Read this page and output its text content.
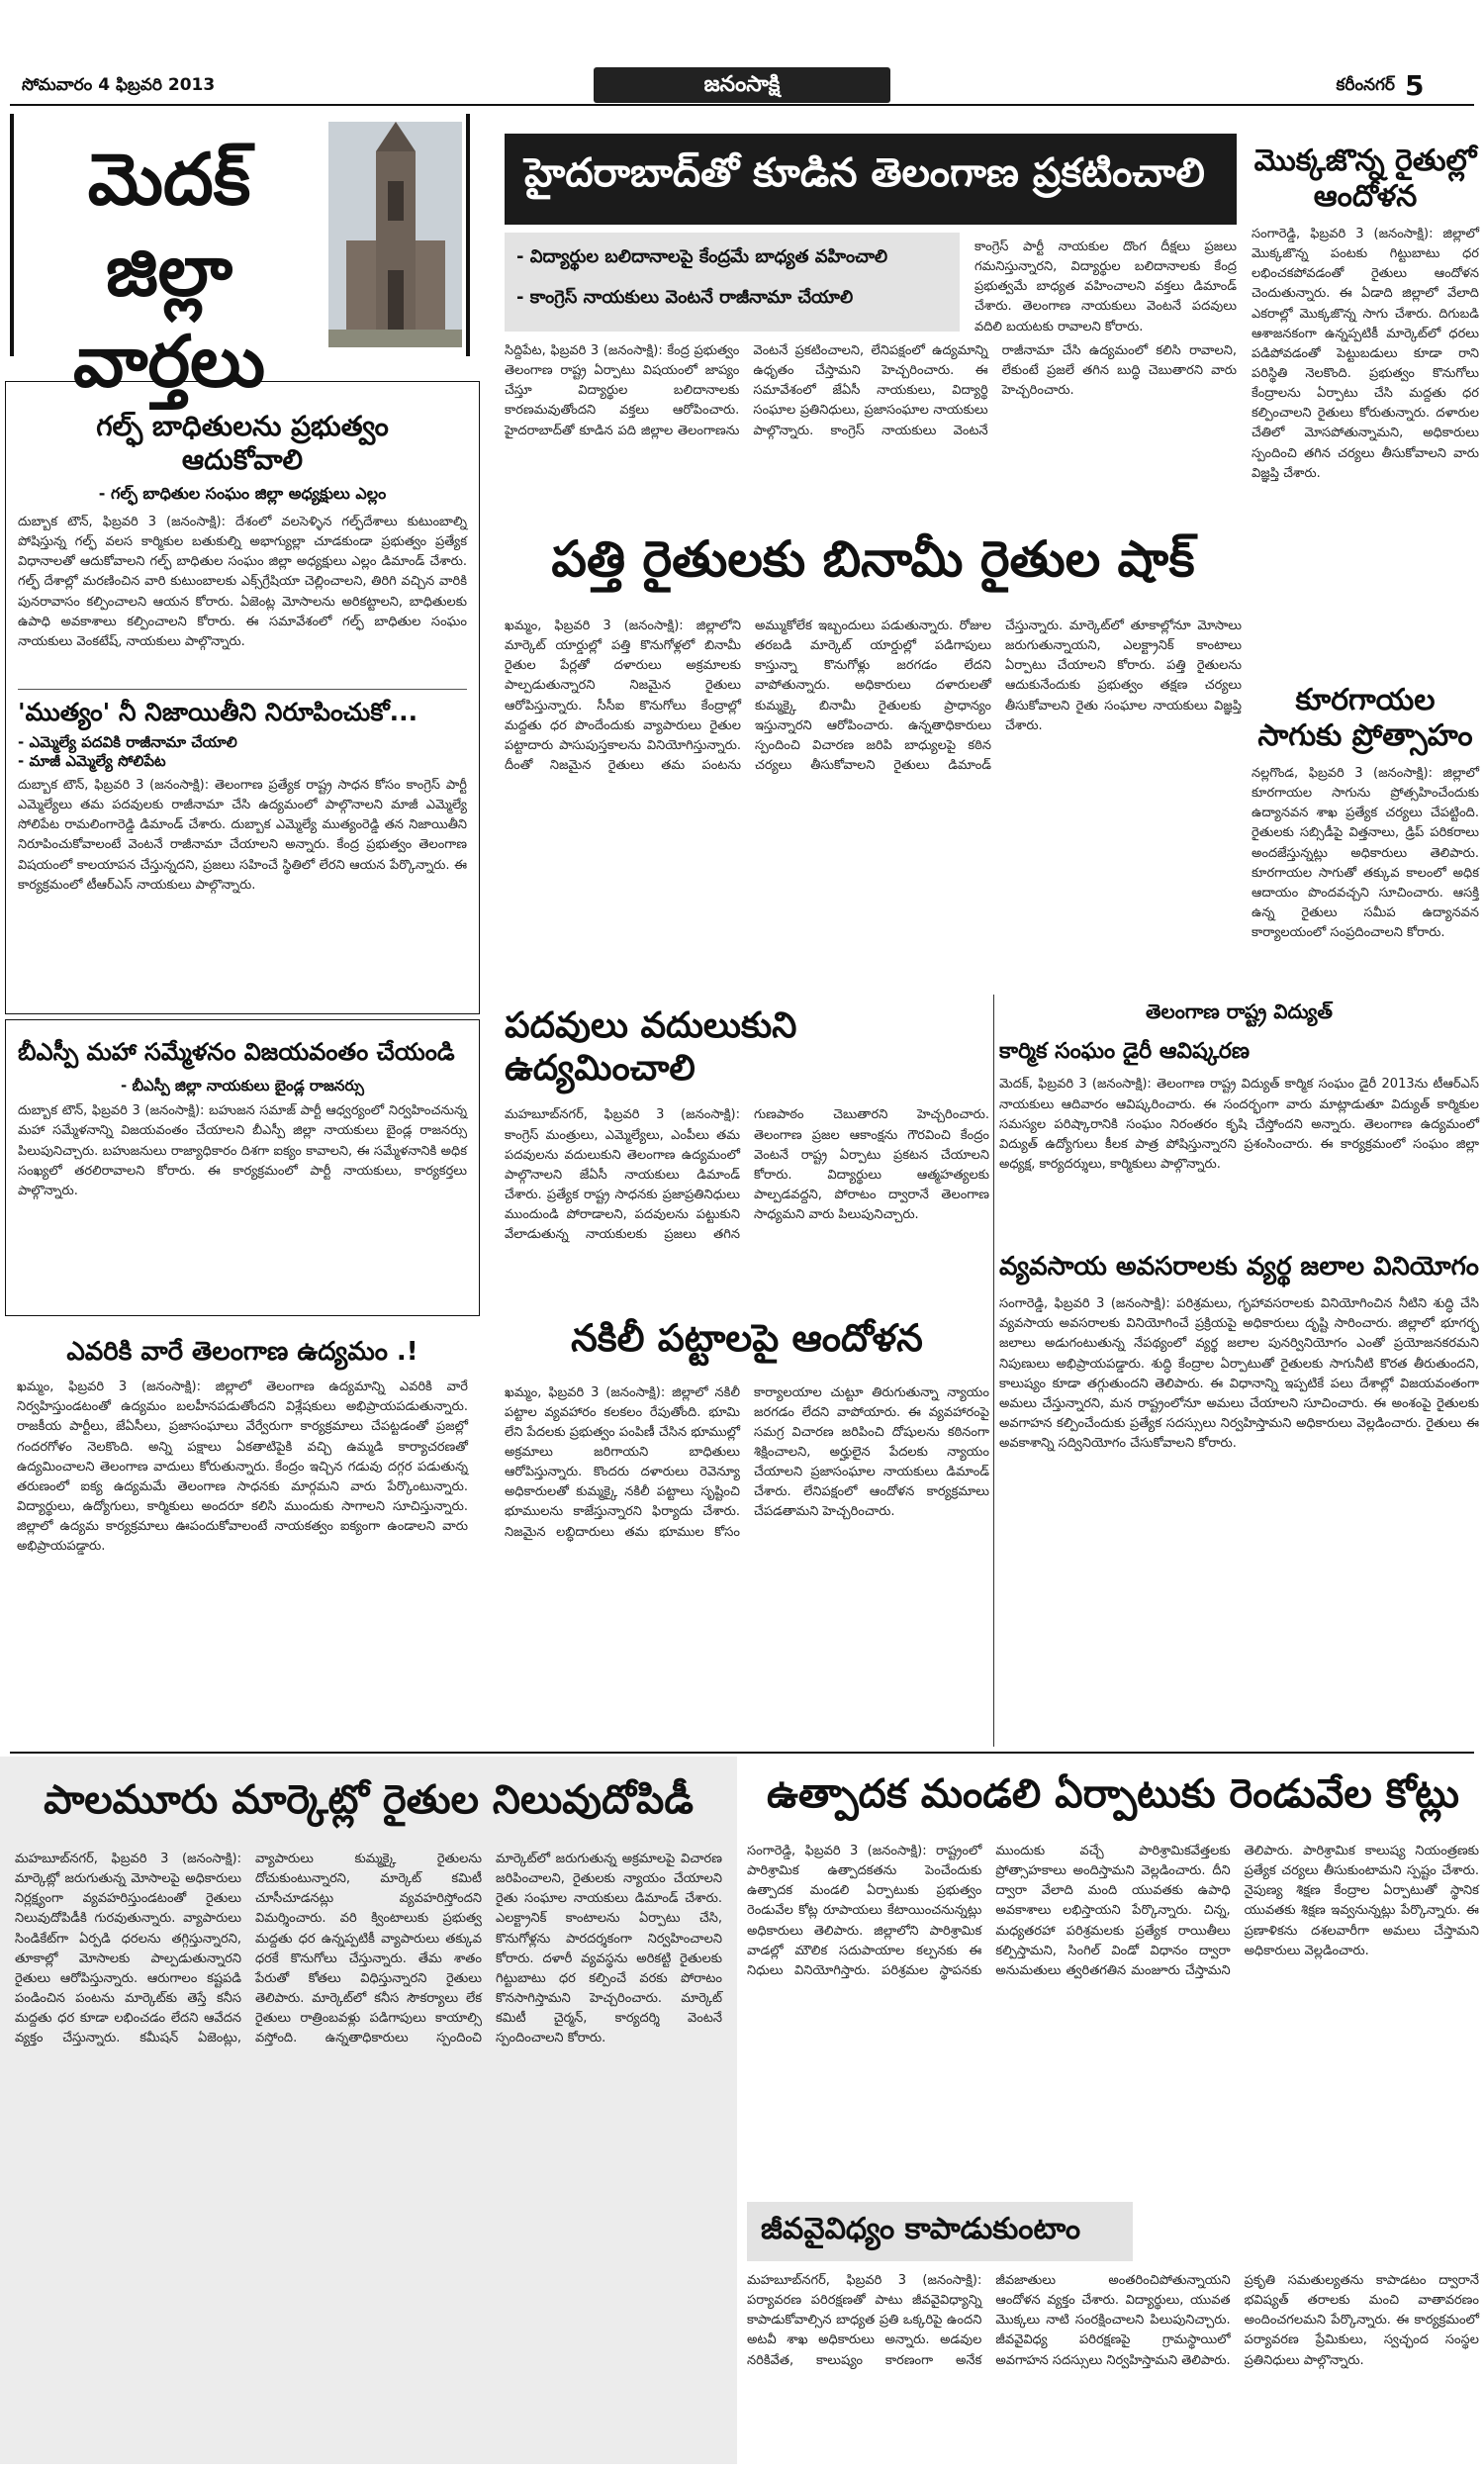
సోమవారం 4 ఫిబ్రవరి 2013	జనంసాక్షి	కరీంనగర్ 5
మెదక్
జిల్లా వార్తలు
గల్ఫ్ బాధితులను ప్రభుత్వం ఆదుకోవాలి
- గల్ఫ్ బాధితుల సంఘం జిల్లా అధ్యక్షులు ఎల్లం
దుబ్బాక టౌన్, ఫిబ్రవరి 3 (జనంసాక్షి): దేశంలో వలసెళ్ళిన గల్ఫ్‌దేశాలు కుటుంబాల్ని పోషిస్తున్న గల్ఫ్‌ వలస కార్మికుల బతుకుల్ని అభాగ్యుల్లా చూడకుండా ప్రభుత్వం ప్రత్యేక విధానాలతో ఆదుకోవాలని గల్ఫ్‌ బాధితుల సంఘం జిల్లా అధ్యక్షులు ఎల్లం డిమాండ్‌ చేశారు. గల్ఫ్‌ దేశాల్లో మరణించిన వారి కుటుంబాలకు ఎక్స్‌గ్రేషియా చెల్లించాలని, తిరిగి వచ్చిన వారికి పునరావాసం కల్పించాలని ఆయన కోరారు. ఏజెంట్ల మోసాలను అరికట్టాలని, బాధితులకు ఉపాధి అవకాశాలు కల్పించాలని కోరారు. ఈ సమావేశంలో గల్ఫ్‌ బాధితుల సంఘం నాయకులు వెంకటేష్‌, నాయకులు పాల్గొన్నారు.
'ముత్యం' నీ నిజాయితీని నిరూపించుకో...
- ఎమ్మెల్యే పదవికి రాజీనామా చేయాలి
- మాజీ ఎమ్మెల్యే సోలిపేట
దుబ్బాక టౌన్, ఫిబ్రవరి 3 (జనంసాక్షి): తెలంగాణ ప్రత్యేక రాష్ట్ర సాధన కోసం కాంగ్రెస్‌ పార్టీ ఎమ్మెల్యేలు తమ పదవులకు రాజీనామా చేసి ఉద్యమంలో పాల్గొనాలని మాజీ ఎమ్మెల్యే సోలిపేట రామలింగారెడ్డి డిమాండ్‌ చేశారు. దుబ్బాక ఎమ్మెల్యే ముత్యంరెడ్డి తన నిజాయితీని నిరూపించుకోవాలంటే వెంటనే రాజీనామా చేయాలని అన్నారు. కేంద్ర ప్రభుత్వం తెలంగాణ విషయంలో కాలయాపన చేస్తున్నదని, ప్రజలు సహించే స్థితిలో లేరని ఆయన పేర్కొన్నారు. ఈ కార్యక్రమంలో టీఆర్‌ఎస్‌ నాయకులు పాల్గొన్నారు.
బీఎస్పీ మహా సమ్మేళనం విజయవంతం చేయండి
- బీఎస్పీ జిల్లా నాయకులు బైండ్ల రాజనర్సు
దుబ్బాక టౌన్, ఫిబ్రవరి 3 (జనంసాక్షి): బహుజన సమాజ్‌ పార్టీ ఆధ్వర్యంలో నిర్వహించనున్న మహా సమ్మేళనాన్ని విజయవంతం చేయాలని బీఎస్పీ జిల్లా నాయకులు బైండ్ల రాజనర్సు పిలుపునిచ్చారు. బహుజనులు రాజ్యాధికారం దిశగా ఐక్యం కావాలని, ఈ సమ్మేళనానికి అధిక సంఖ్యలో తరలిరావాలని కోరారు. ఈ కార్యక్రమంలో పార్టీ నాయకులు, కార్యకర్తలు పాల్గొన్నారు.
ఎవరికి వారే తెలంగాణ ఉద్యమం .!
ఖమ్మం, ఫిబ్రవరి 3 (జనంసాక్షి): జిల్లాలో తెలంగాణ ఉద్యమాన్ని ఎవరికి వారే నిర్వహిస్తుండటంతో ఉద్యమం బలహీనపడుతోందని విశ్లేషకులు అభిప్రాయపడుతున్నారు. రాజకీయ పార్టీలు, జేఏసీలు, ప్రజాసంఘాలు వేర్వేరుగా కార్యక్రమాలు చేపట్టడంతో ప్రజల్లో గందరగోళం నెలకొంది. అన్ని పక్షాలు ఏకతాటిపైకి వచ్చి ఉమ్మడి కార్యాచరణతో ఉద్యమించాలని తెలంగాణ వాదులు కోరుతున్నారు. కేంద్రం ఇచ్చిన గడువు దగ్గర పడుతున్న తరుణంలో ఐక్య ఉద్యమమే తెలంగాణ సాధనకు మార్గమని వారు పేర్కొంటున్నారు. విద్యార్థులు, ఉద్యోగులు, కార్మికులు అందరూ కలిసి ముందుకు సాగాలని సూచిస్తున్నారు. జిల్లాలో ఉద్యమ కార్యక్రమాలు ఊపందుకోవాలంటే నాయకత్వం ఐక్యంగా ఉండాలని వారు అభిప్రాయపడ్డారు.
హైదరాబాద్‌తో కూడిన తెలంగాణ ప్రకటించాలి
- విద్యార్థుల బలిదానాలపై కేంద్రమే బాధ్యత వహించాలి
- కాంగ్రెస్‌ నాయకులు వెంటనే రాజీనామా చేయాలి
కాంగ్రెస్‌ పార్టీ నాయకుల దొంగ దీక్షలు ప్రజలు గమనిస్తున్నారని, విద్యార్థుల బలిదానాలకు కేంద్ర ప్రభుత్వమే బాధ్యత వహించాలని వక్తలు డిమాండ్‌ చేశారు. తెలంగాణ నాయకులు వెంటనే పదవులు వదిలి బయటకు రావాలని కోరారు.
సిద్దిపేట, ఫిబ్రవరి 3 (జనంసాక్షి): కేంద్ర ప్రభుత్వం తెలంగాణ రాష్ట్ర ఏర్పాటు విషయంలో జాప్యం చేస్తూ విద్యార్థుల బలిదానాలకు కారణమవుతోందని వక్తలు ఆరోపించారు. హైదరాబాద్‌తో కూడిన పది జిల్లాల తెలంగాణను వెంటనే ప్రకటించాలని, లేనిపక్షంలో ఉద్యమాన్ని ఉధృతం చేస్తామని హెచ్చరించారు. ఈ సమావేశంలో జేఏసీ నాయకులు, విద్యార్థి సంఘాల ప్రతినిధులు, ప్రజాసంఘాల నాయకులు పాల్గొన్నారు. కాంగ్రెస్‌ నాయకులు వెంటనే రాజీనామా చేసి ఉద్యమంలో కలిసి రావాలని, లేకుంటే ప్రజలే తగిన బుద్ధి చెబుతారని వారు హెచ్చరించారు.
మొక్కజొన్న రైతుల్లో ఆందోళన
సంగారెడ్డి, ఫిబ్రవరి 3 (జనంసాక్షి): జిల్లాలో మొక్కజొన్న పంటకు గిట్టుబాటు ధర లభించకపోవడంతో రైతులు ఆందోళన చెందుతున్నారు. ఈ ఏడాది జిల్లాలో వేలాది ఎకరాల్లో మొక్కజొన్న సాగు చేశారు. దిగుబడి ఆశాజనకంగా ఉన్నప్పటికీ మార్కెట్‌లో ధరలు పడిపోవడంతో పెట్టుబడులు కూడా రాని పరిస్థితి నెలకొంది. ప్రభుత్వం కొనుగోలు కేంద్రాలను ఏర్పాటు చేసి మద్దతు ధర కల్పించాలని రైతులు కోరుతున్నారు. దళారుల చేతిలో మోసపోతున్నామని, అధికారులు స్పందించి తగిన చర్యలు తీసుకోవాలని వారు విజ్ఞప్తి చేశారు.
కూరగాయల సాగుకు ప్రోత్సాహం
నల్లగొండ, ఫిబ్రవరి 3 (జనంసాక్షి): జిల్లాలో కూరగాయల సాగును ప్రోత్సహించేందుకు ఉద్యానవన శాఖ ప్రత్యేక చర్యలు చేపట్టింది. రైతులకు సబ్సిడీపై విత్తనాలు, డ్రిప్‌ పరికరాలు అందజేస్తున్నట్లు అధికారులు తెలిపారు. కూరగాయల సాగుతో తక్కువ కాలంలో అధిక ఆదాయం పొందవచ్చని సూచించారు. ఆసక్తి ఉన్న రైతులు సమీప ఉద్యానవన కార్యాలయంలో సంప్రదించాలని కోరారు.
పత్తి రైతులకు బినామీ రైతుల షాక్
ఖమ్మం, ఫిబ్రవరి 3 (జనంసాక్షి): జిల్లాలోని మార్కెట్‌ యార్డుల్లో పత్తి కొనుగోళ్లలో బినామీ రైతుల పేర్లతో దళారులు అక్రమాలకు పాల్పడుతున్నారని నిజమైన రైతులు ఆరోపిస్తున్నారు. సీసీఐ కొనుగోలు కేంద్రాల్లో మద్దతు ధర పొందేందుకు వ్యాపారులు రైతుల పట్టాదారు పాసుపుస్తకాలను వినియోగిస్తున్నారు. దీంతో నిజమైన రైతులు తమ పంటను అమ్ముకోలేక ఇబ్బందులు పడుతున్నారు. రోజుల తరబడి మార్కెట్‌ యార్డుల్లో పడిగాపులు కాస్తున్నా కొనుగోళ్లు జరగడం లేదని వాపోతున్నారు. అధికారులు దళారులతో కుమ్మక్కై బినామీ రైతులకు ప్రాధాన్యం ఇస్తున్నారని ఆరోపించారు. ఉన్నతాధికారులు స్పందించి విచారణ జరిపి బాధ్యులపై కఠిన చర్యలు తీసుకోవాలని రైతులు డిమాండ్‌ చేస్తున్నారు. మార్కెట్‌లో తూకాల్లోనూ మోసాలు జరుగుతున్నాయని, ఎలక్ట్రానిక్‌ కాంటాలు ఏర్పాటు చేయాలని కోరారు. పత్తి రైతులను ఆదుకునేందుకు ప్రభుత్వం తక్షణ చర్యలు తీసుకోవాలని రైతు సంఘాల నాయకులు విజ్ఞప్తి చేశారు.
పదవులు వదులుకుని ఉద్యమించాలి
మహబూబ్‌నగర్, ఫిబ్రవరి 3 (జనంసాక్షి): కాంగ్రెస్‌ మంత్రులు, ఎమ్మెల్యేలు, ఎంపీలు తమ పదవులను వదులుకుని తెలంగాణ ఉద్యమంలో పాల్గొనాలని జేఏసీ నాయకులు డిమాండ్‌ చేశారు. ప్రత్యేక రాష్ట్ర సాధనకు ప్రజాప్రతినిధులు ముందుండి పోరాడాలని, పదవులను పట్టుకుని వేలాడుతున్న నాయకులకు ప్రజలు తగిన గుణపాఠం చెబుతారని హెచ్చరించారు. తెలంగాణ ప్రజల ఆకాంక్షను గౌరవించి కేంద్రం వెంటనే రాష్ట్ర ఏర్పాటు ప్రకటన చేయాలని కోరారు. విద్యార్థులు ఆత్మహత్యలకు పాల్పడవద్దని, పోరాటం ద్వారానే తెలంగాణ సాధ్యమని వారు పిలుపునిచ్చారు.
తెలంగాణ రాష్ట్ర విద్యుత్
కార్మిక సంఘం డైరీ ఆవిష్కరణ
మెదక్‌, ఫిబ్రవరి 3 (జనంసాక్షి): తెలంగాణ రాష్ట్ర విద్యుత్‌ కార్మిక సంఘం డైరీ 2013ను టీఆర్‌ఎస్‌ నాయకులు ఆదివారం ఆవిష్కరించారు. ఈ సందర్భంగా వారు మాట్లాడుతూ విద్యుత్‌ కార్మికుల సమస్యల పరిష్కారానికి సంఘం నిరంతరం కృషి చేస్తోందని అన్నారు. తెలంగాణ ఉద్యమంలో విద్యుత్‌ ఉద్యోగులు కీలక పాత్ర పోషిస్తున్నారని ప్రశంసించారు. ఈ కార్యక్రమంలో సంఘం జిల్లా అధ్యక్ష, కార్యదర్శులు, కార్మికులు పాల్గొన్నారు.
వ్యవసాయ అవసరాలకు వ్యర్థ జలాల వినియోగం
సంగారెడ్డి, ఫిబ్రవరి 3 (జనంసాక్షి): పరిశ్రమలు, గృహావసరాలకు వినియోగించిన నీటిని శుద్ధి చేసి వ్యవసాయ అవసరాలకు వినియోగించే ప్రక్రియపై అధికారులు దృష్టి సారించారు. జిల్లాలో భూగర్భ జలాలు అడుగంటుతున్న నేపథ్యంలో వ్యర్థ జలాల పునర్వినియోగం ఎంతో ప్రయోజనకరమని నిపుణులు అభిప్రాయపడ్డారు. శుద్ధి కేంద్రాల ఏర్పాటుతో రైతులకు సాగునీటి కొరత తీరుతుందని, కాలుష్యం కూడా తగ్గుతుందని తెలిపారు. ఈ విధానాన్ని ఇప్పటికే పలు దేశాల్లో విజయవంతంగా అమలు చేస్తున్నారని, మన రాష్ట్రంలోనూ అమలు చేయాలని సూచించారు. ఈ అంశంపై రైతులకు అవగాహన కల్పించేందుకు ప్రత్యేక సదస్సులు నిర్వహిస్తామని అధికారులు వెల్లడించారు. రైతులు ఈ అవకాశాన్ని సద్వినియోగం చేసుకోవాలని కోరారు.
నకిలీ పట్టాలపై ఆందోళన
ఖమ్మం, ఫిబ్రవరి 3 (జనంసాక్షి): జిల్లాలో నకిలీ పట్టాల వ్యవహారం కలకలం రేపుతోంది. భూమి లేని పేదలకు ప్రభుత్వం పంపిణీ చేసిన భూముల్లో అక్రమాలు జరిగాయని బాధితులు ఆరోపిస్తున్నారు. కొందరు దళారులు రెవెన్యూ అధికారులతో కుమ్మక్కై నకిలీ పట్టాలు సృష్టించి భూములను కాజేస్తున్నారని ఫిర్యాదు చేశారు. నిజమైన లబ్ధిదారులు తమ భూముల కోసం కార్యాలయాల చుట్టూ తిరుగుతున్నా న్యాయం జరగడం లేదని వాపోయారు. ఈ వ్యవహారంపై సమగ్ర విచారణ జరిపించి దోషులను కఠినంగా శిక్షించాలని, అర్హులైన పేదలకు న్యాయం చేయాలని ప్రజాసంఘాల నాయకులు డిమాండ్‌ చేశారు. లేనిపక్షంలో ఆందోళన కార్యక్రమాలు చేపడతామని హెచ్చరించారు.
పాలమూరు మార్కెట్లో రైతుల నిలువుదోపిడీ
మహబూబ్‌నగర్, ఫిబ్రవరి 3 (జనంసాక్షి): మార్కెట్లో జరుగుతున్న మోసాలపై అధికారులు నిర్లక్ష్యంగా వ్యవహరిస్తుండటంతో రైతులు నిలువుదోపిడీకి గురవుతున్నారు. వ్యాపారులు సిండికేట్‌గా ఏర్పడి ధరలను తగ్గిస్తున్నారని, తూకాల్లో మోసాలకు పాల్పడుతున్నారని రైతులు ఆరోపిస్తున్నారు. ఆరుగాలం కష్టపడి పండించిన పంటను మార్కెట్‌కు తెస్తే కనీస మద్దతు ధర కూడా లభించడం లేదని ఆవేదన వ్యక్తం చేస్తున్నారు. కమీషన్‌ ఏజెంట్లు, వ్యాపారులు కుమ్మక్కై రైతులను దోచుకుంటున్నారని, మార్కెట్‌ కమిటీ చూసీచూడనట్లు వ్యవహరిస్తోందని విమర్శించారు. వరి క్వింటాలుకు ప్రభుత్వ మద్దతు ధర ఉన్నప్పటికీ వ్యాపారులు తక్కువ ధరకే కొనుగోలు చేస్తున్నారు. తేమ శాతం పేరుతో కోతలు విధిస్తున్నారని రైతులు తెలిపారు. మార్కెట్‌లో కనీస సౌకర్యాలు లేక రైతులు రాత్రింబవళ్లు పడిగాపులు కాయాల్సి వస్తోంది. ఉన్నతాధికారులు స్పందించి మార్కెట్‌లో జరుగుతున్న అక్రమాలపై విచారణ జరిపించాలని, రైతులకు న్యాయం చేయాలని రైతు సంఘాల నాయకులు డిమాండ్‌ చేశారు. ఎలక్ట్రానిక్‌ కాంటాలను ఏర్పాటు చేసి, కొనుగోళ్లను పారదర్శకంగా నిర్వహించాలని కోరారు. దళారీ వ్యవస్థను అరికట్టి రైతులకు గిట్టుబాటు ధర కల్పించే వరకు పోరాటం కొనసాగిస్తామని హెచ్చరించారు. మార్కెట్‌ కమిటీ చైర్మన్‌, కార్యదర్శి వెంటనే స్పందించాలని కోరారు.
ఉత్పాదక మండలి ఏర్పాటుకు రెండువేల కోట్లు
సంగారెడ్డి, ఫిబ్రవరి 3 (జనంసాక్షి): రాష్ట్రంలో పారిశ్రామిక ఉత్పాదకతను పెంచేందుకు ఉత్పాదక మండలి ఏర్పాటుకు ప్రభుత్వం రెండువేల కోట్ల రూపాయలు కేటాయించనున్నట్లు అధికారులు తెలిపారు. జిల్లాలోని పారిశ్రామిక వాడల్లో మౌలిక సదుపాయాల కల్పనకు ఈ నిధులు వినియోగిస్తారు. పరిశ్రమల స్థాపనకు ముందుకు వచ్చే పారిశ్రామికవేత్తలకు ప్రోత్సాహకాలు అందిస్తామని వెల్లడించారు. దీని ద్వారా వేలాది మంది యువతకు ఉపాధి అవకాశాలు లభిస్తాయని పేర్కొన్నారు. చిన్న, మధ్యతరహా పరిశ్రమలకు ప్రత్యేక రాయితీలు కల్పిస్తామని, సింగిల్‌ విండో విధానం ద్వారా అనుమతులు త్వరితగతిన మంజూరు చేస్తామని తెలిపారు. పారిశ్రామిక కాలుష్య నియంత్రణకు ప్రత్యేక చర్యలు తీసుకుంటామని స్పష్టం చేశారు. నైపుణ్య శిక్షణ కేంద్రాల ఏర్పాటుతో స్థానిక యువతకు శిక్షణ ఇవ్వనున్నట్లు పేర్కొన్నారు. ఈ ప్రణాళికను దశలవారీగా అమలు చేస్తామని అధికారులు వెల్లడించారు.
జీవవైవిధ్యం కాపాడుకుంటాం
మహబూబ్‌నగర్, ఫిబ్రవరి 3 (జనంసాక్షి): పర్యావరణ పరిరక్షణతో పాటు జీవవైవిధ్యాన్ని కాపాడుకోవాల్సిన బాధ్యత ప్రతి ఒక్కరిపై ఉందని అటవీ శాఖ అధికారులు అన్నారు. అడవుల నరికివేత, కాలుష్యం కారణంగా అనేక జీవజాతులు అంతరించిపోతున్నాయని ఆందోళన వ్యక్తం చేశారు. విద్యార్థులు, యువత మొక్కలు నాటి సంరక్షించాలని పిలుపునిచ్చారు. జీవవైవిధ్య పరిరక్షణపై గ్రామస్థాయిలో అవగాహన సదస్సులు నిర్వహిస్తామని తెలిపారు. ప్రకృతి సమతుల్యతను కాపాడటం ద్వారానే భవిష్యత్‌ తరాలకు మంచి వాతావరణం అందించగలమని పేర్కొన్నారు. ఈ కార్యక్రమంలో పర్యావరణ ప్రేమికులు, స్వచ్ఛంద సంస్థల ప్రతినిధులు పాల్గొన్నారు.
